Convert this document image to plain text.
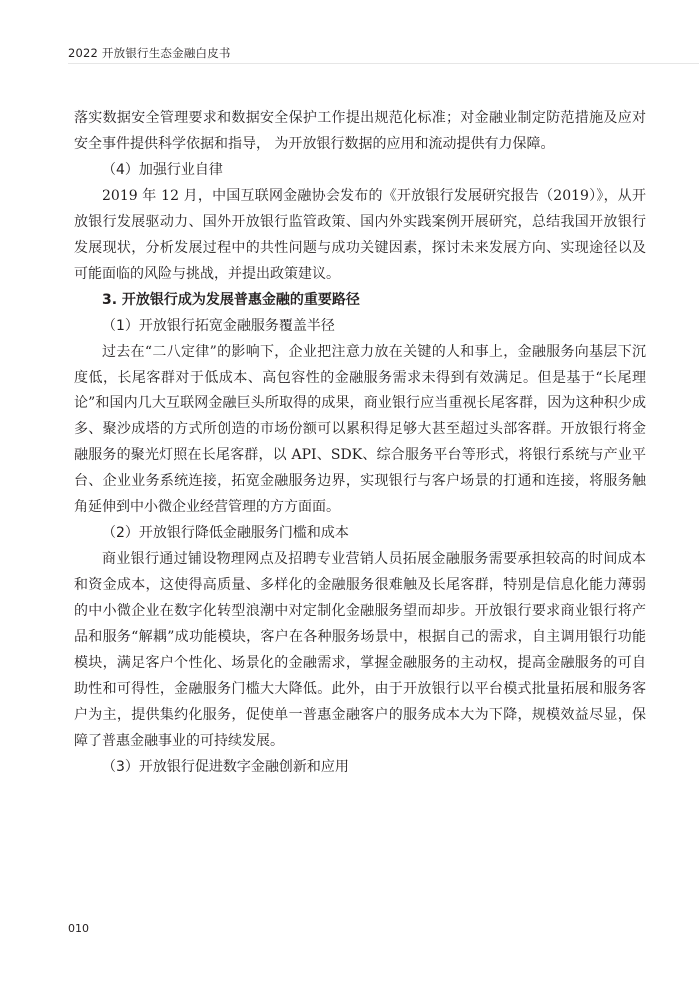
2022 开放银行生态金融白皮书

落实数据安全管理要求和数据安全保护工作提出规范化标准；对金融业制定防范措施及应对安全事件提供科学依据和指导， 为开放银行数据的应用和流动提供有力保障。

（4）加强行业自律

2019 年 12 月，中国互联网金融协会发布的《开放银行发展研究报告（2019）》，从开放银行发展驱动力、国外开放银行监管政策、国内外实践案例开展研究，总结我国开放银行发展现状，分析发展过程中的共性问题与成功关键因素，探讨未来发展方向、实现途径以及可能面临的风险与挑战，并提出政策建议。

3. 开放银行成为发展普惠金融的重要路径

（1）开放银行拓宽金融服务覆盖半径

过去在“二八定律”的影响下，企业把注意力放在关键的人和事上，金融服务向基层下沉度低，长尾客群对于低成本、高包容性的金融服务需求未得到有效满足。但是基于“长尾理论”和国内几大互联网金融巨头所取得的成果，商业银行应当重视长尾客群，因为这种积少成多、聚沙成塔的方式所创造的市场份额可以累积得足够大甚至超过头部客群。开放银行将金融服务的聚光灯照在长尾客群，以 API、SDK、综合服务平台等形式，将银行系统与产业平台、企业业务系统连接，拓宽金融服务边界，实现银行与客户场景的打通和连接，将服务触角延伸到中小微企业经营管理的方方面面。

（2）开放银行降低金融服务门槛和成本

商业银行通过铺设物理网点及招聘专业营销人员拓展金融服务需要承担较高的时间成本和资金成本，这使得高质量、多样化的金融服务很难触及长尾客群，特别是信息化能力薄弱的中小微企业在数字化转型浪潮中对定制化金融服务望而却步。开放银行要求商业银行将产品和服务“解耦”成功能模块，客户在各种服务场景中，根据自己的需求，自主调用银行功能模块，满足客户个性化、场景化的金融需求，掌握金融服务的主动权，提高金融服务的可自助性和可得性，金融服务门槛大大降低。此外，由于开放银行以平台模式批量拓展和服务客户为主，提供集约化服务，促使单一普惠金融客户的服务成本大为下降，规模效益尽显，保障了普惠金融事业的可持续发展。

（3）开放银行促进数字金融创新和应用

010
